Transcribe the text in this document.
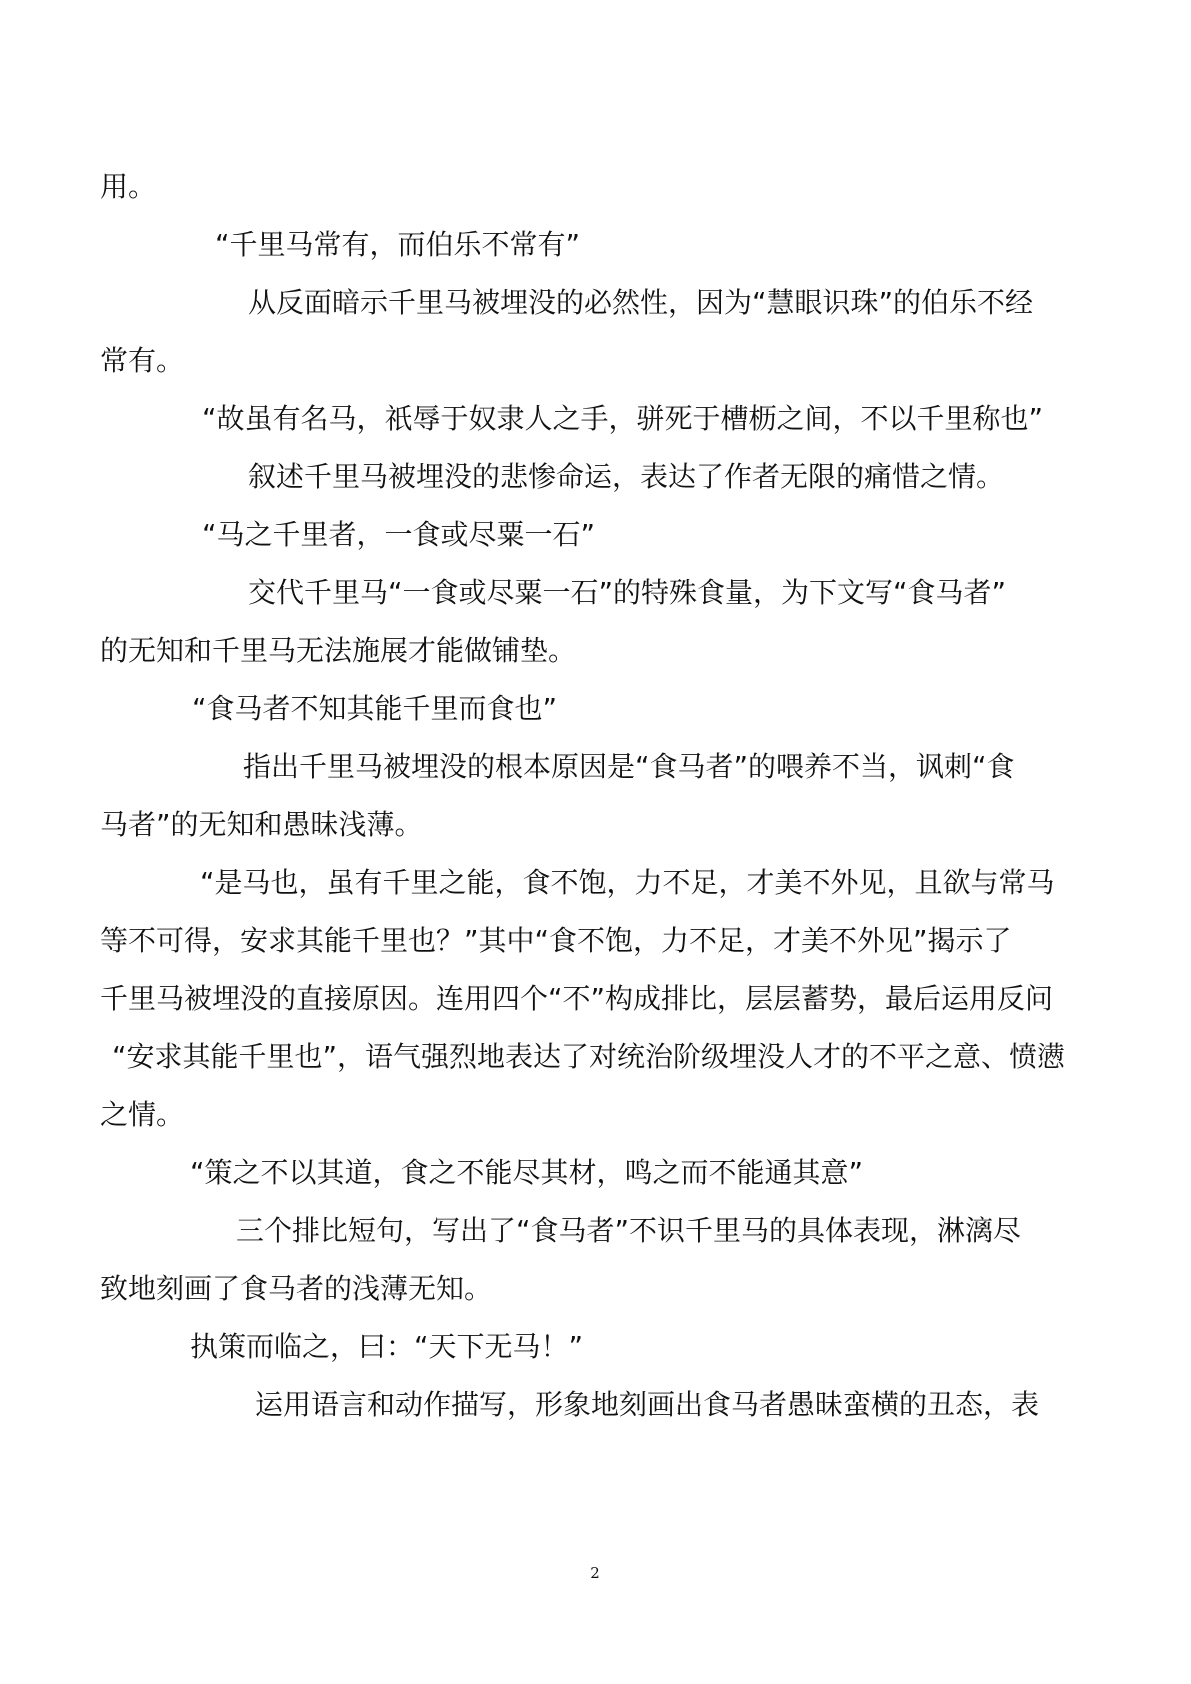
用。
“千里马常有，而伯乐不常有”
从反面暗示千里马被埋没的必然性，因为“慧眼识珠”的伯乐不经
常有。
“故虽有名马，祇辱于奴隶人之手，骈死于槽枥之间，不以千里称也”
叙述千里马被埋没的悲惨命运，表达了作者无限的痛惜之情。
“马之千里者，一食或尽粟一石”
交代千里马“一食或尽粟一石”的特殊食量，为下文写“食马者”
的无知和千里马无法施展才能做铺垫。
“食马者不知其能千里而食也”
指出千里马被埋没的根本原因是“食马者”的喂养不当，讽刺“食
马者”的无知和愚昧浅薄。
“是马也，虽有千里之能，食不饱，力不足，才美不外见，且欲与常马
等不可得，安求其能千里也？”其中“食不饱，力不足，才美不外见”揭示了
千里马被埋没的直接原因。连用四个“不”构成排比，层层蓄势，最后运用反问
“安求其能千里也”，语气强烈地表达了对统治阶级埋没人才的不平之意、愤懑
之情。
“策之不以其道，食之不能尽其材，鸣之而不能通其意”
三个排比短句，写出了“食马者”不识千里马的具体表现，淋漓尽
致地刻画了食马者的浅薄无知。
执策而临之，曰：“天下无马！”
运用语言和动作描写，形象地刻画出食马者愚昧蛮横的丑态，表
2
